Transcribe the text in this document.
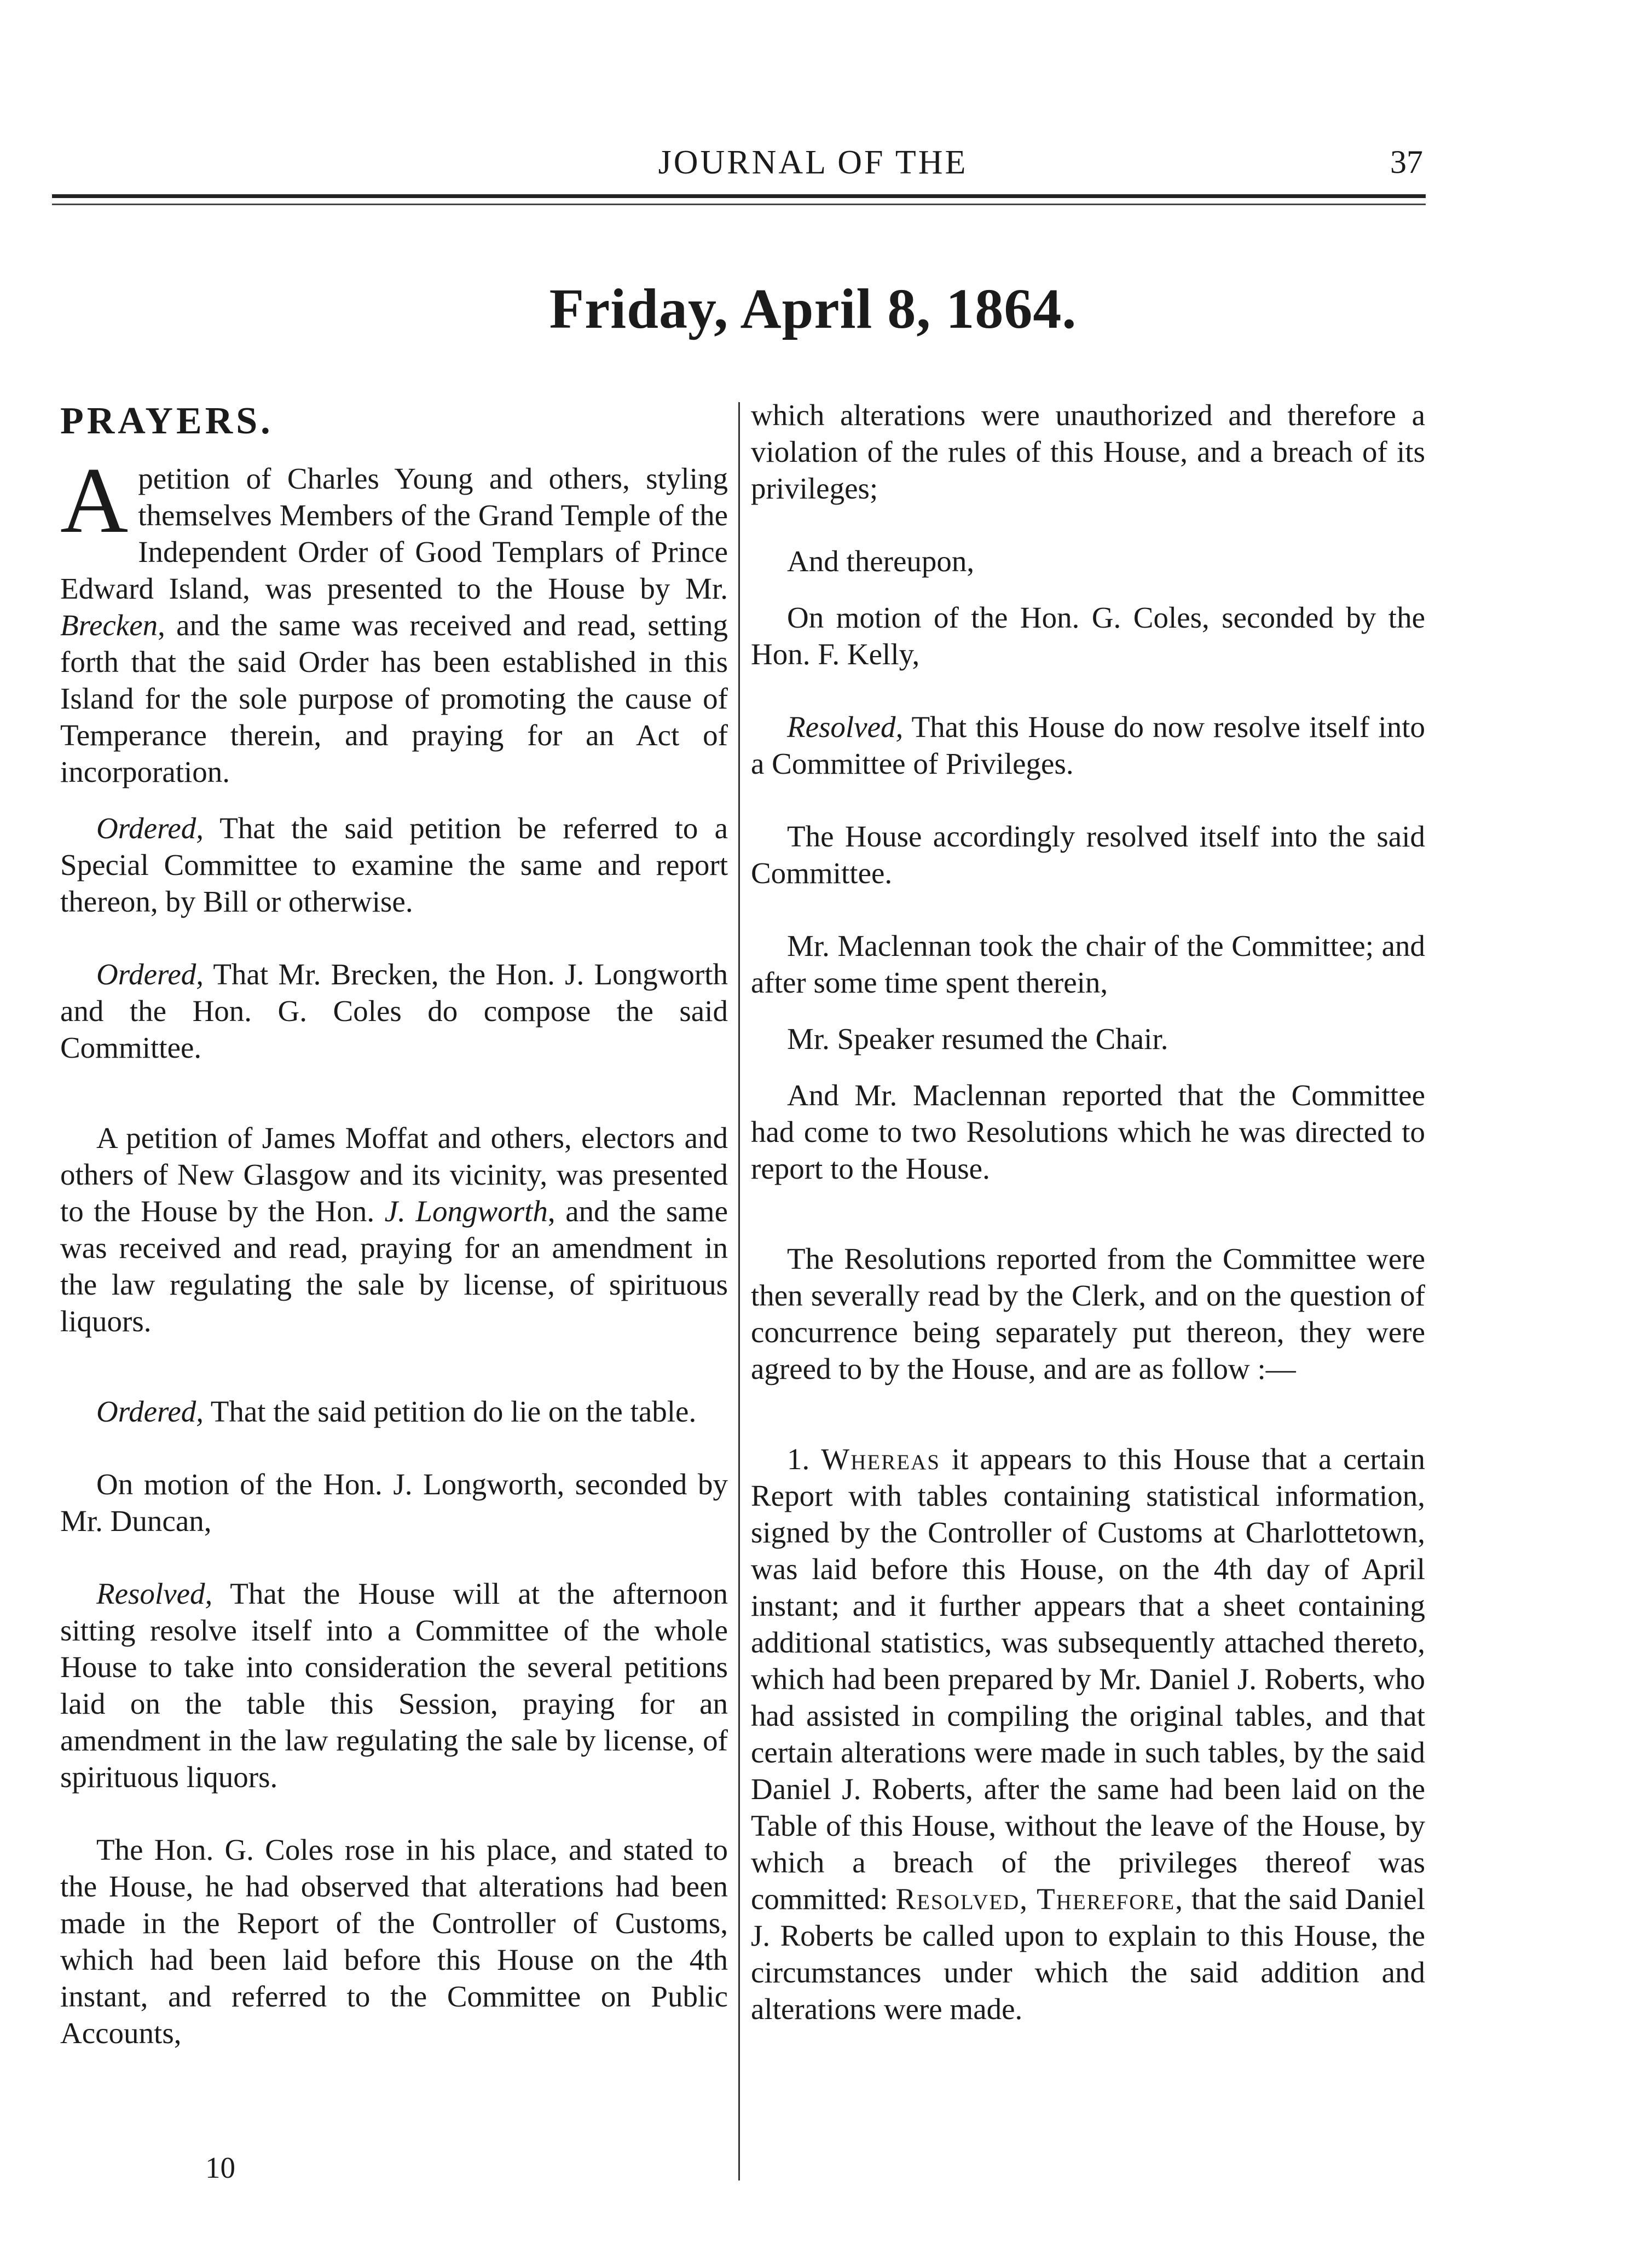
JOURNAL OF THE	37
Friday, April 8, 1864.
PRAYERS.

A petition of Charles Young and others, styling themselves Members of the Grand Temple of the Independent Order of Good Templars of Prince Edward Island, was presented to the House by Mr. Brecken, and the same was received and read, setting forth that the said Order has been established in this Island for the sole purpose of promoting the cause of Temperance therein, and praying for an Act of incorporation.

Ordered, That the said petition be referred to a Special Committee to examine the same and report thereon, by Bill or otherwise.

Ordered, That Mr. Brecken, the Hon. J. Longworth and the Hon. G. Coles do compose the said Committee.

A petition of James Moffat and others, electors and others of New Glasgow and its vicinity, was presented to the House by the Hon. J. Longworth, and the same was received and read, praying for an amendment in the law regulating the sale by license, of spirituous liquors.

Ordered, That the said petition do lie on the table.

On motion of the Hon. J. Longworth, seconded by Mr. Duncan,

Resolved, That the House will at the afternoon sitting resolve itself into a Committee of the whole House to take into consideration the several petitions laid on the table this Session, praying for an amendment in the law regulating the sale by license, of spirituous liquors.

The Hon. G. Coles rose in his place, and stated to the House, he had observed that alterations had been made in the Report of the Controller of Customs, which had been laid before this House on the 4th instant, and referred to the Committee on Public Accounts,

10

which alterations were unauthorized and therefore a violation of the rules of this House, and a breach of its privileges;

And thereupon,

On motion of the Hon. G. Coles, seconded by the Hon. F. Kelly,

Resolved, That this House do now resolve itself into a Committee of Privileges.

The House accordingly resolved itself into the said Committee.

Mr. Maclennan took the chair of the Committee; and after some time spent therein,

Mr. Speaker resumed the Chair.

And Mr. Maclennan reported that the Committee had come to two Resolutions which he was directed to report to the House.

The Resolutions reported from the Committee were then severally read by the Clerk, and on the question of concurrence being separately put thereon, they were agreed to by the House, and are as follow :—

1. Whereas it appears to this House that a certain Report with tables containing statistical information, signed by the Controller of Customs at Charlottetown, was laid before this House, on the 4th day of April instant; and it further appears that a sheet containing additional statistics, was subsequently attached thereto, which had been prepared by Mr. Daniel J. Roberts, who had assisted in compiling the original tables, and that certain alterations were made in such tables, by the said Daniel J. Roberts, after the same had been laid on the Table of this House, without the leave of the House, by which a breach of the privileges thereof was committed: Resolved, Therefore, that the said Daniel J. Roberts be called upon to explain to this House, the circumstances under which the said addition and alterations were made.
